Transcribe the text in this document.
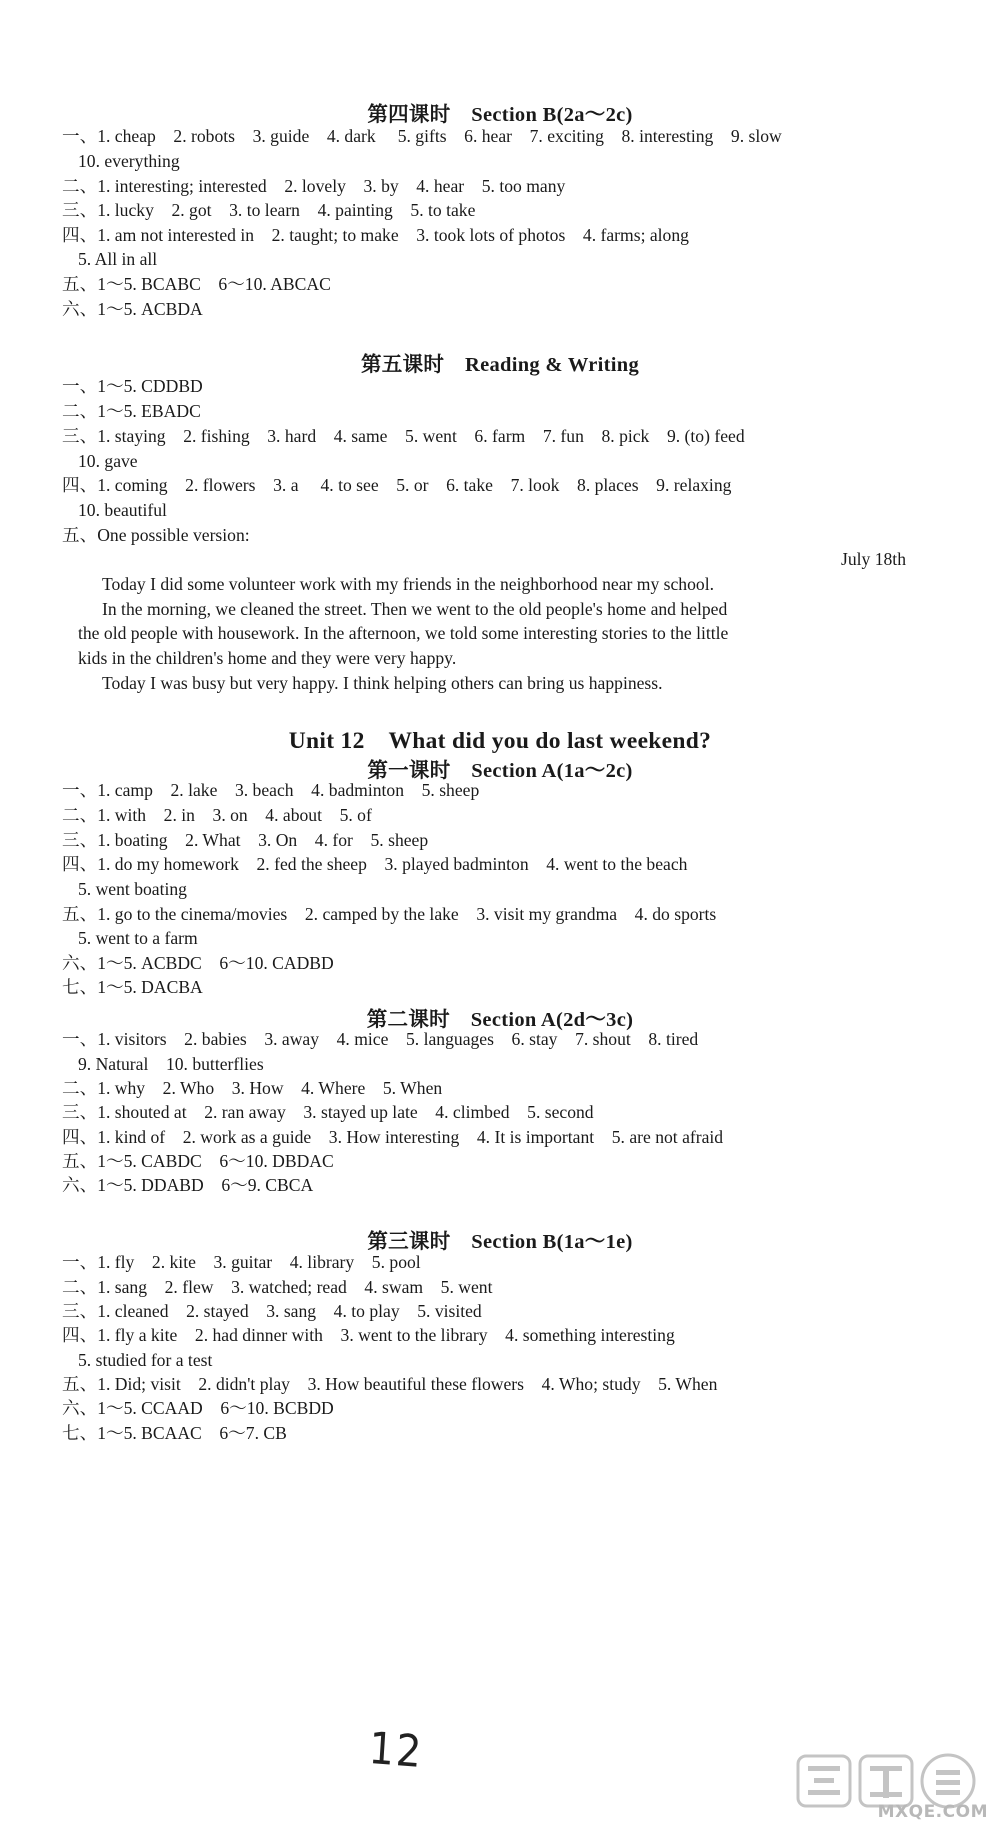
第四课时　Section B(2a～2c)
一、1. cheap　2. robots　3. guide　4. dark　 5. gifts　6. hear　7. exciting　8. interesting　9. slow
10. everything
二、1. interesting; interested　2. lovely　3. by　4. hear　5. too many
三、1. lucky　2. got　3. to learn　4. painting　5. to take
四、1. am not interested in　2. taught; to make　3. took lots of photos　4. farms; along
5. All in all
五、1～5. BCABC　6～10. ABCAC
六、1～5. ACBDA
第五课时　Reading & Writing
一、1～5. CDDBD
二、1～5. EBADC
三、1. staying　2. fishing　3. hard　4. same　5. went　6. farm　7. fun　8. pick　9. (to) feed
10. gave
四、1. coming　2. flowers　3. a　 4. to see　5. or　6. take　7. look　8. places　9. relaxing
10. beautiful
五、One possible version:
July 18th
Today I did some volunteer work with my friends in the neighborhood near my school.
In the morning, we cleaned the street. Then we went to the old people's home and helped
the old people with housework. In the afternoon, we told some interesting stories to the little
kids in the children's home and they were very happy.
Today I was busy but very happy. I think helping others can bring us happiness.
Unit 12　What did you do last weekend?
第一课时　Section A(1a～2c)
一、1. camp　2. lake　3. beach　4. badminton　5. sheep
二、1. with　2. in　3. on　4. about　5. of
三、1. boating　2. What　3. On　4. for　5. sheep
四、1. do my homework　2. fed the sheep　3. played badminton　4. went to the beach
5. went boating
五、1. go to the cinema/movies　2. camped by the lake　3. visit my grandma　4. do sports
5. went to a farm
六、1～5. ACBDC　6～10. CADBD
七、1～5. DACBA
第二课时　Section A(2d～3c)
一、1. visitors　2. babies　3. away　4. mice　5. languages　6. stay　7. shout　8. tired
9. Natural　10. butterflies
二、1. why　2. Who　3. How　4. Where　5. When
三、1. shouted at　2. ran away　3. stayed up late　4. climbed　5. second
四、1. kind of　2. work as a guide　3. How interesting　4. It is important　5. are not afraid
五、1～5. CABDC　6～10. DBDAC
六、1～5. DDABD　6～9. CBCA
第三课时　Section B(1a～1e)
一、1. fly　2. kite　3. guitar　4. library　5. pool
二、1. sang　2. flew　3. watched; read　4. swam　5. went
三、1. cleaned　2. stayed　3. sang　4. to play　5. visited
四、1. fly a kite　2. had dinner with　3. went to the library　4. something interesting
5. studied for a test
五、1. Did; visit　2. didn't play　3. How beautiful these flowers　4. Who; study　5. When
六、1～5. CCAAD　6～10. BCBDD
七、1～5. BCAAC　6～7. CB
12
MXQE.COM
